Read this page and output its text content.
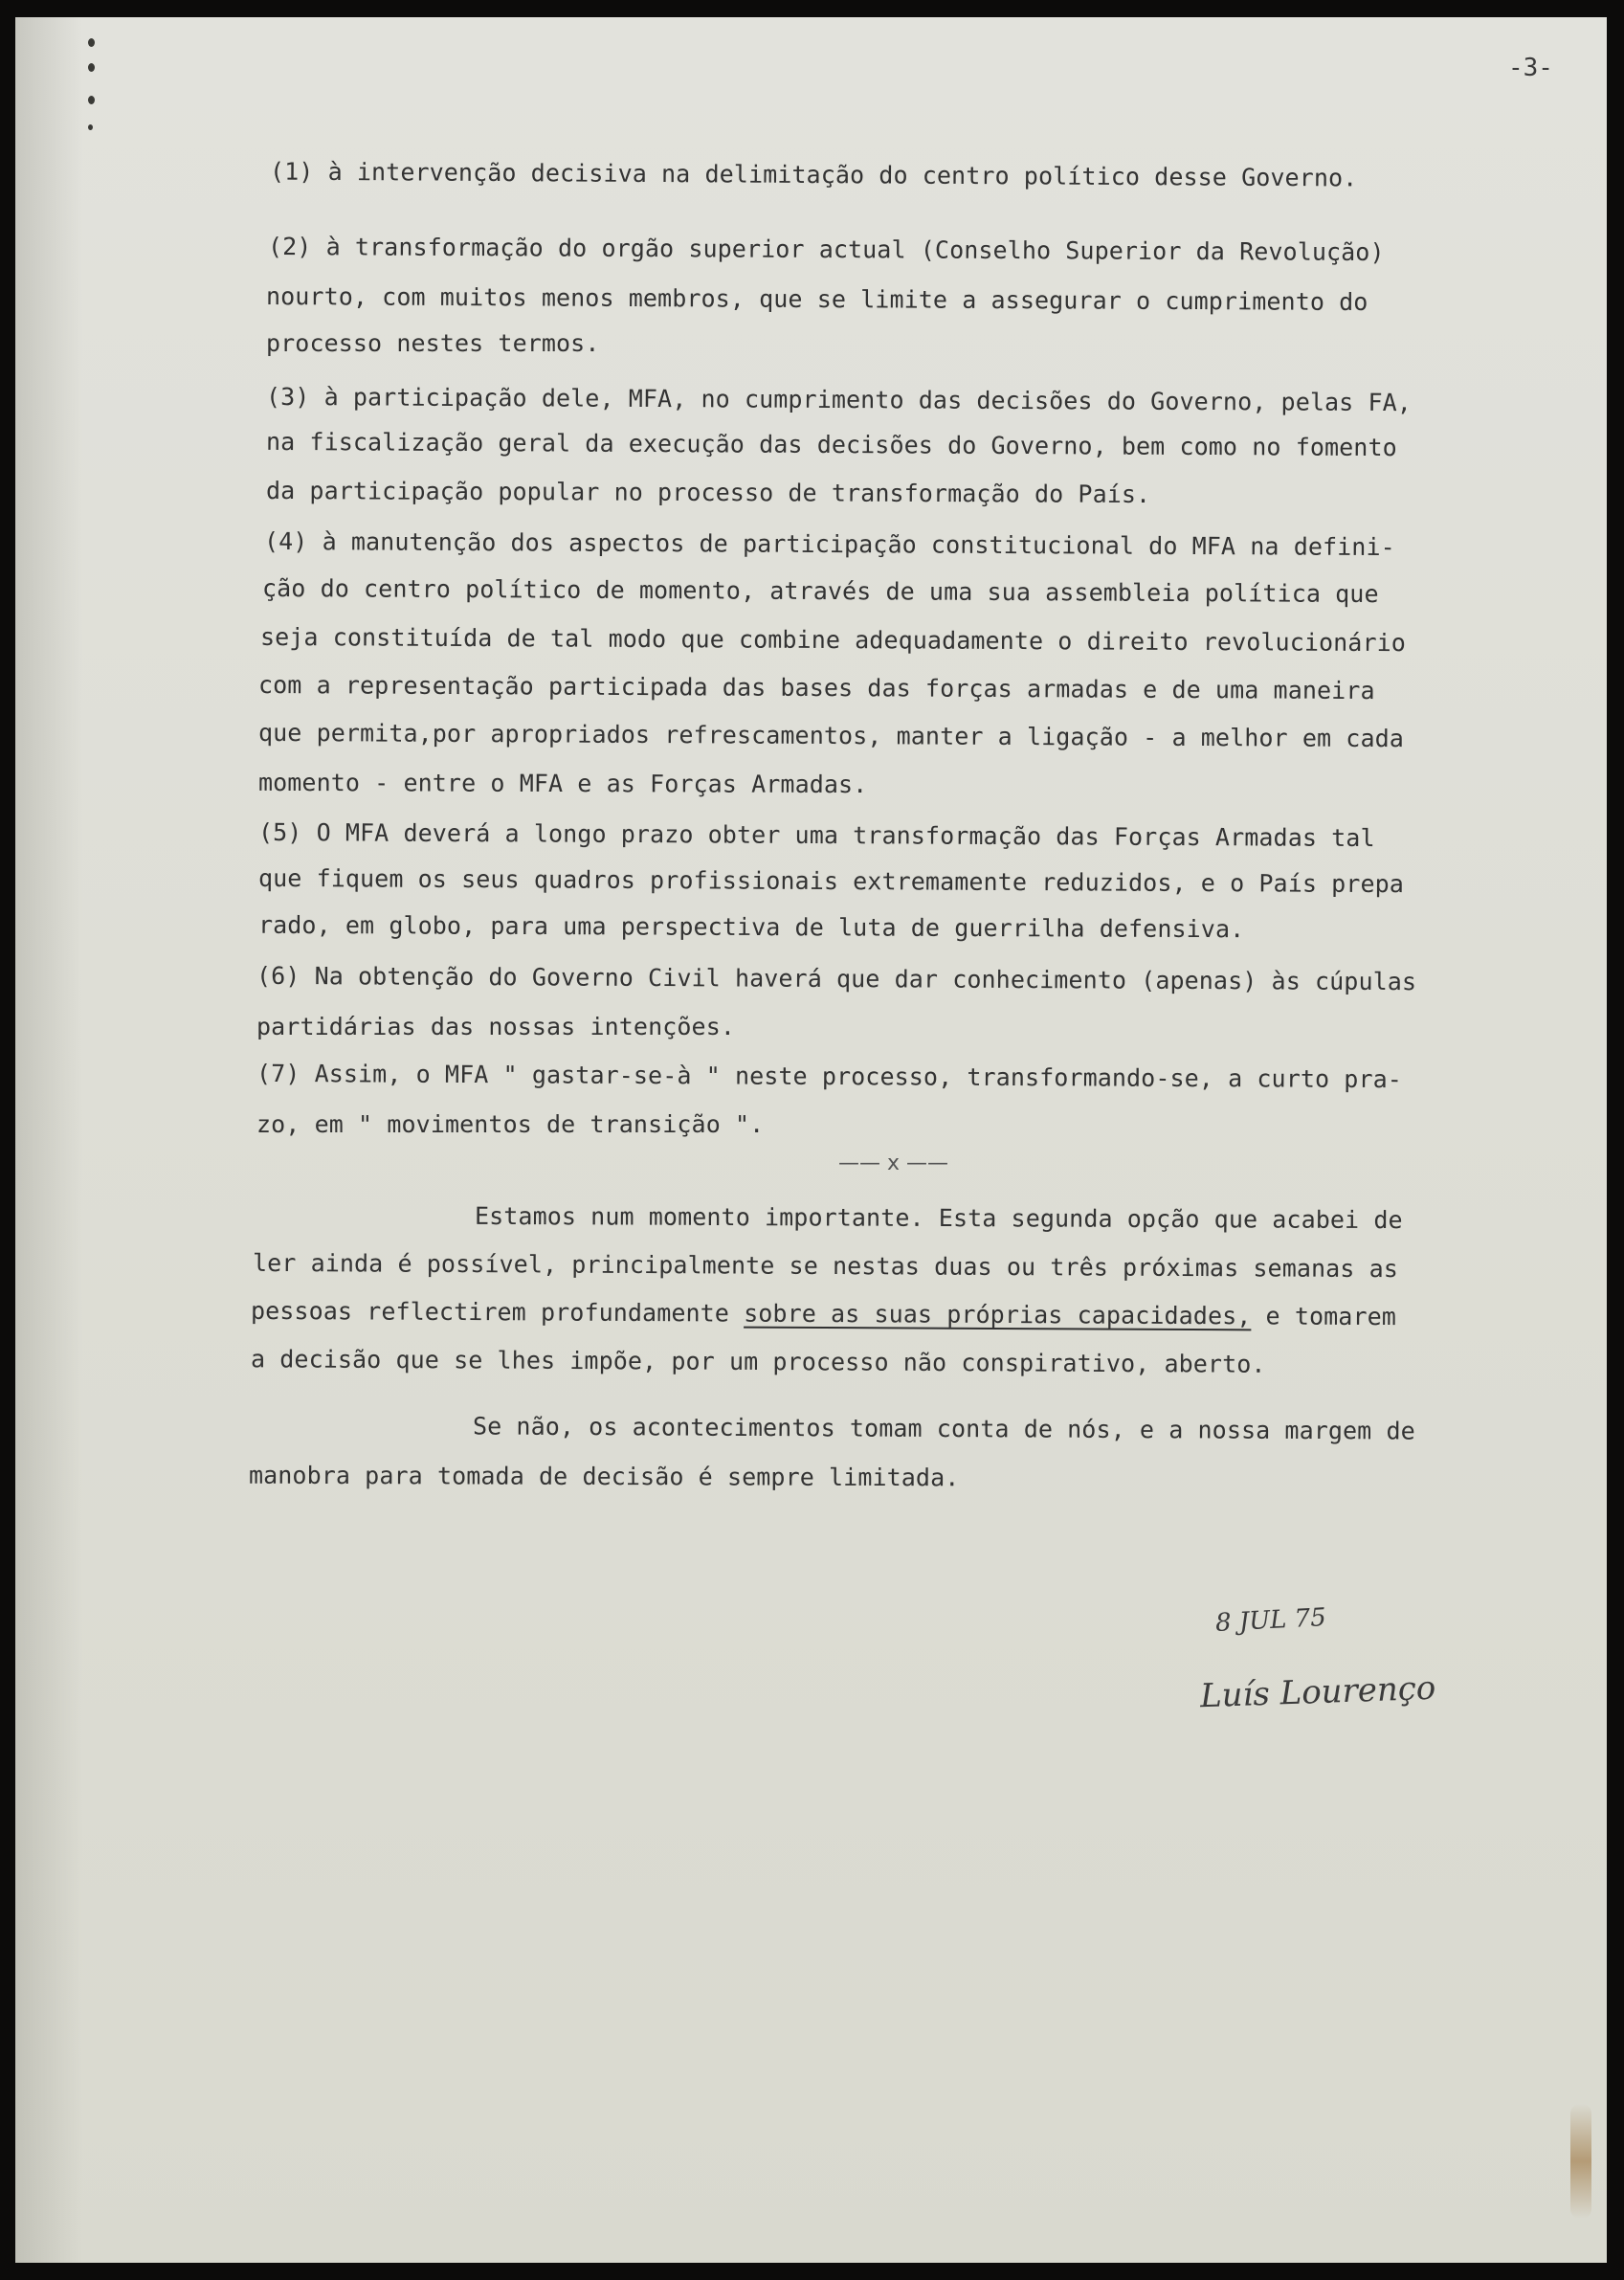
-3-
(1) à intervenção decisiva na delimitação do centro político desse Governo.
(2) à transformação do orgão superior actual (Conselho Superior da Revolução)
nourto, com muitos menos membros, que se limite a assegurar o cumprimento do
processo nestes termos.
(3) à participação dele, MFA, no cumprimento das decisões do Governo, pelas FA,
na fiscalização geral da execução das decisões do Governo, bem como no fomento
da participação popular no processo de transformação do País.
(4) à manutenção dos aspectos de participação constitucional do MFA na defini-
ção do centro político de momento, através de uma sua assembleia política que
seja constituída de tal modo que combine adequadamente o direito revolucionário
com a representação participada das bases das forças armadas e de uma maneira
que permita,por apropriados refrescamentos, manter a ligação - a melhor em cada
momento - entre o MFA e as Forças Armadas.
(5) O MFA deverá a longo prazo obter uma transformação das Forças Armadas tal
que fiquem os seus quadros profissionais extremamente reduzidos, e o País prepa
rado, em globo, para uma perspectiva de luta de guerrilha defensiva.
(6) Na obtenção do Governo Civil haverá que dar conhecimento (apenas) às cúpulas
partidárias das nossas intenções.
(7) Assim, o MFA " gastar-se-à " neste processo, transformando-se, a curto pra-
zo, em " movimentos de transição ".
—— x ——
Estamos num momento importante. Esta segunda opção que acabei de
ler ainda é possível, principalmente se nestas duas ou três próximas semanas as
pessoas reflectirem profundamente sobre as suas próprias capacidades, e tomarem
a decisão que se lhes impõe, por um processo não conspirativo, aberto.
Se não, os acontecimentos tomam conta de nós, e a nossa margem de
manobra para tomada de decisão é sempre limitada.
8 JUL 75
Luís Lourenço
